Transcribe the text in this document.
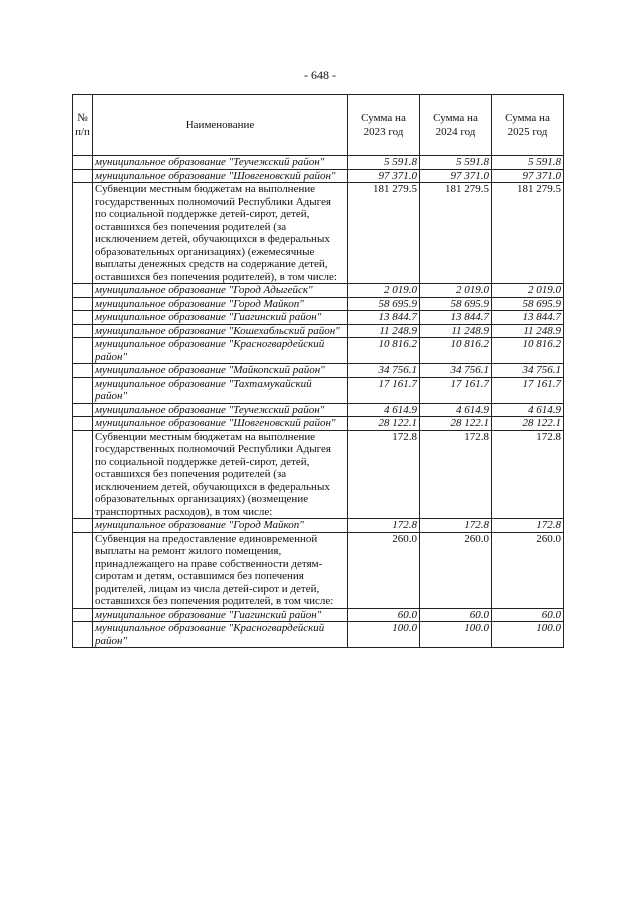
- 648 -
№ п/п	Наименование	Сумма на 2023 год	Сумма на 2024 год	Сумма на 2025 год
	муниципальное образование "Теучежский район"	5 591.8	5 591.8	5 591.8
	муниципальное образование "Шовгеновский район"	97 371.0	97 371.0	97 371.0
	Субвенции местным бюджетам на выполнение государственных полномочий Республики Адыгея по социальной поддержке детей-сирот, детей, оставшихся без попечения родителей (за исключением детей, обучающихся в федеральных образовательных организациях) (ежемесячные выплаты денежных средств на содержание детей, оставшихся без попечения родителей), в том числе:	181 279.5	181 279.5	181 279.5
	муниципальное образование "Город Адыгейск"	2 019.0	2 019.0	2 019.0
	муниципальное образование "Город Майкоп"	58 695.9	58 695.9	58 695.9
	муниципальное образование "Гиагинский район"	13 844.7	13 844.7	13 844.7
	муниципальное образование "Кошехабльский район"	11 248.9	11 248.9	11 248.9
	муниципальное образование "Красногвардейский район"	10 816.2	10 816.2	10 816.2
	муниципальное образование "Майкопский район"	34 756.1	34 756.1	34 756.1
	муниципальное образование "Тахтамукайский район"	17 161.7	17 161.7	17 161.7
	муниципальное образование "Теучежский район"	4 614.9	4 614.9	4 614.9
	муниципальное образование "Шовгеновский район"	28 122.1	28 122.1	28 122.1
	Субвенции местным бюджетам на выполнение государственных полномочий Республики Адыгея по социальной поддержке детей-сирот, детей, оставшихся без попечения родителей (за исключением детей, обучающихся в федеральных образовательных организациях) (возмещение транспортных расходов), в том числе:	172.8	172.8	172.8
	муниципальное образование "Город Майкоп"	172.8	172.8	172.8
	Субвенция на предоставление единовременной выплаты на ремонт жилого помещения, принадлежащего на праве собственности детям-сиротам и детям, оставшимся без попечения родителей, лицам из числа детей-сирот и детей, оставшихся без попечения родителей, в том числе:	260.0	260.0	260.0
	муниципальное образование "Гиагинский район"	60.0	60.0	60.0
	муниципальное образование "Красногвардейский район"	100.0	100.0	100.0
